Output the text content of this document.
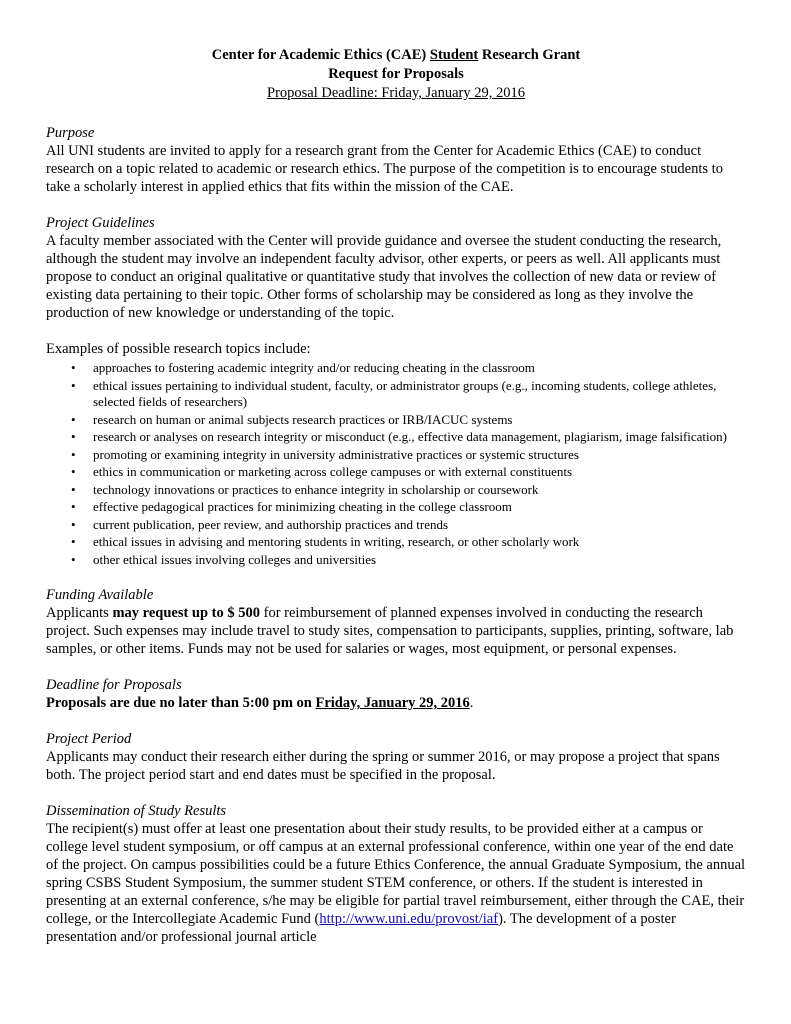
Center for Academic Ethics (CAE) Student Research Grant
Request for Proposals
Proposal Deadline: Friday, January 29, 2016
Purpose

All UNI students are invited to apply for a research grant from the Center for Academic Ethics (CAE) to conduct research on a topic related to academic or research ethics. The purpose of the competition is to encourage students to take a scholarly interest in applied ethics that fits within the mission of the CAE.

Project Guidelines

A faculty member associated with the Center will provide guidance and oversee the student conducting the research, although the student may involve an independent faculty advisor, other experts, or peers as well. All applicants must propose to conduct an original qualitative or quantitative study that involves the collection of new data or review of existing data pertaining to their topic. Other forms of scholarship may be considered as long as they involve the production of new knowledge or understanding of the topic.

Examples of possible research topics include:
• approaches to fostering academic integrity and/or reducing cheating in the classroom
• ethical issues pertaining to individual student, faculty, or administrator groups (e.g., incoming students, college athletes, selected fields of researchers)
• research on human or animal subjects research practices or IRB/IACUC systems
• research or analyses on research integrity or misconduct (e.g., effective data management, plagiarism, image falsification)
• promoting or examining integrity in university administrative practices or systemic structures
• ethics in communication or marketing across college campuses or with external constituents
• technology innovations or practices to enhance integrity in scholarship or coursework
• effective pedagogical practices for minimizing cheating in the college classroom
• current publication, peer review, and authorship practices and trends
• ethical issues in advising and mentoring students in writing, research, or other scholarly work
• other ethical issues involving colleges and universities
Funding Available

Applicants may request up to $ 500 for reimbursement of planned expenses involved in conducting the research project. Such expenses may include travel to study sites, compensation to participants, supplies, printing, software, lab samples, or other items. Funds may not be used for salaries or wages, most equipment, or personal expenses.

Deadline for Proposals

Proposals are due no later than 5:00 pm on Friday, January 29, 2016.

Project Period

Applicants may conduct their research either during the spring or summer 2016, or may propose a project that spans both. The project period start and end dates must be specified in the proposal.

Dissemination of Study Results

The recipient(s) must offer at least one presentation about their study results, to be provided either at a campus or college level student symposium, or off campus at an external professional conference, within one year of the end date of the project. On campus possibilities could be a future Ethics Conference, the annual Graduate Symposium, the annual spring CSBS Student Symposium, the summer student STEM conference, or others. If the student is interested in presenting at an external conference, s/he may be eligible for partial travel reimbursement, either through the CAE, their college, or the Intercollegiate Academic Fund (http://www.uni.edu/provost/iaf). The development of a poster presentation and/or professional journal article
